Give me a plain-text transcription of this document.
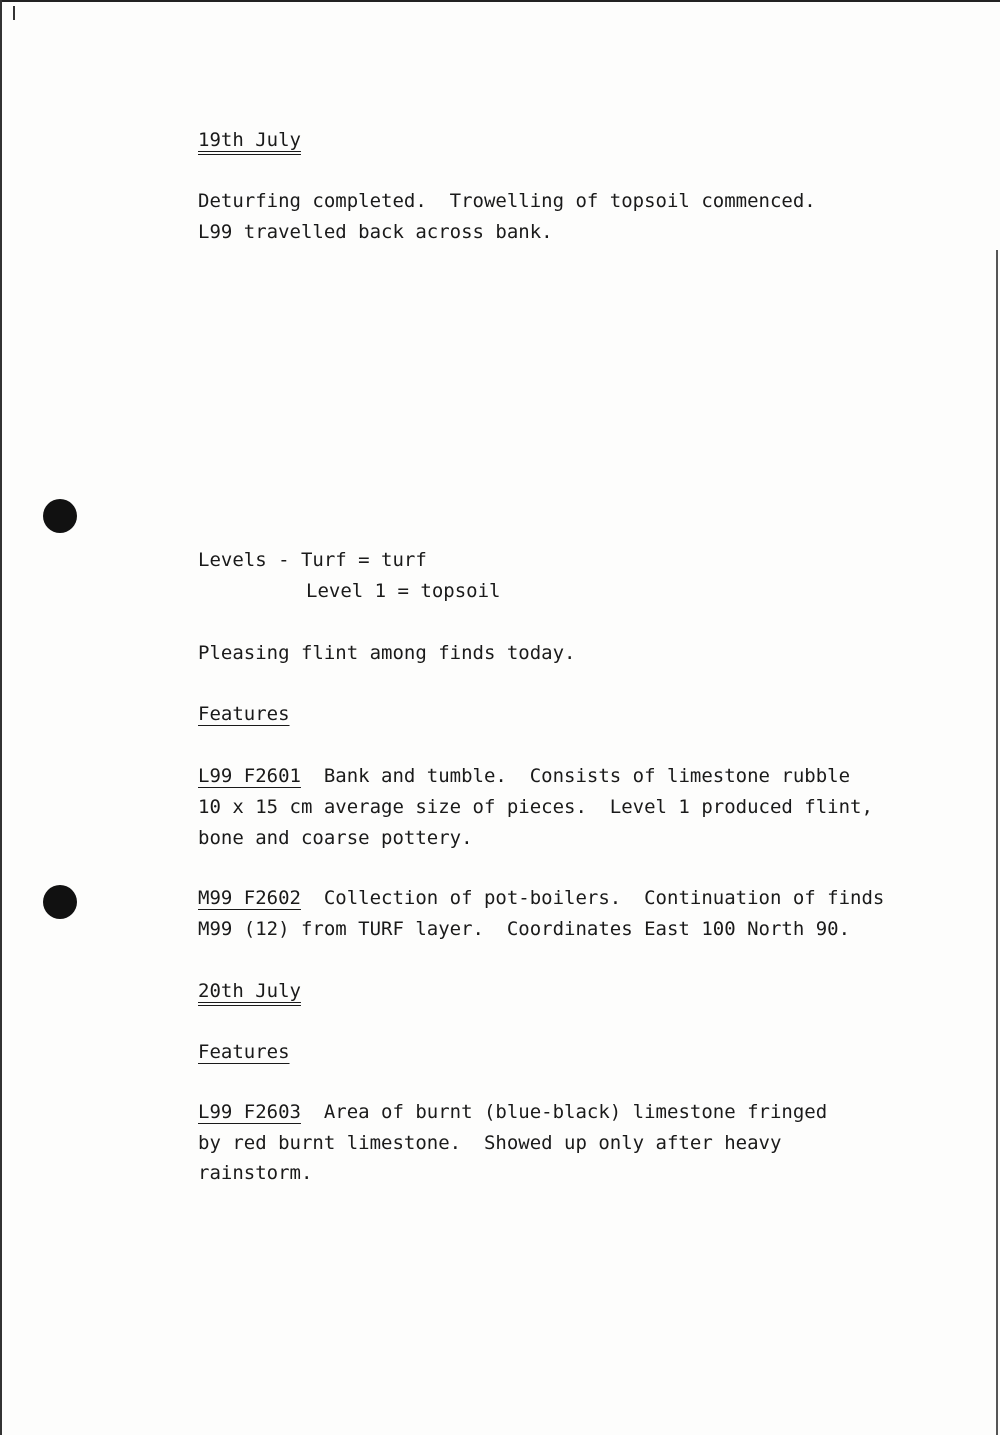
19th July
Deturfing completed.  Trowelling of topsoil commenced.
L99 travelled back across bank.
Levels - Turf = turf
Level 1 = topsoil
Pleasing flint among finds today.
Features
L99 F2601  Bank and tumble.  Consists of limestone rubble
10 x 15 cm average size of pieces.  Level 1 produced flint,
bone and coarse pottery.
M99 F2602  Collection of pot-boilers.  Continuation of finds
M99 (12) from TURF layer.  Coordinates East 100 North 90.
20th July
Features
L99 F2603  Area of burnt (blue-black) limestone fringed
by red burnt limestone.  Showed up only after heavy
rainstorm.
